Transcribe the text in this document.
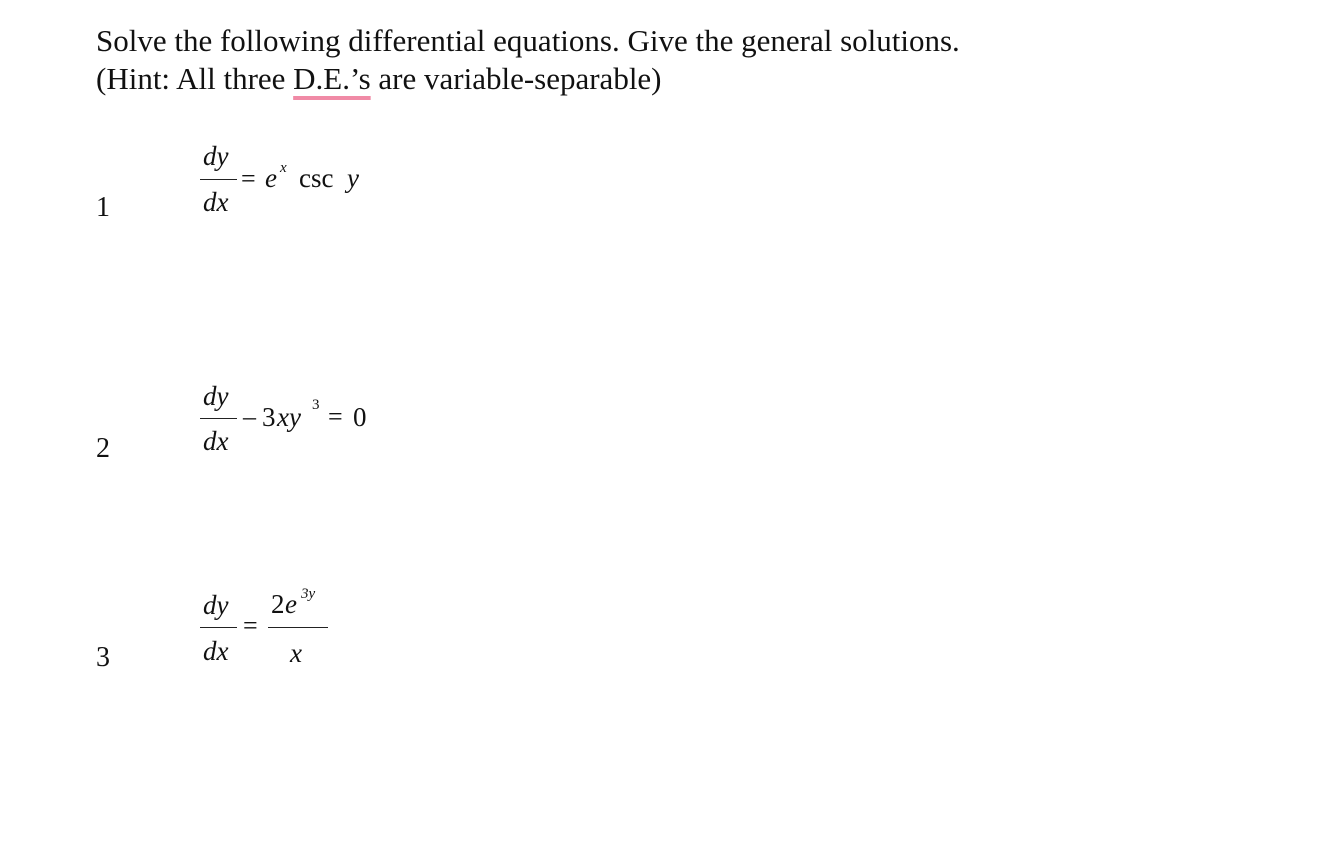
Solve the following differential equations. Give the general solutions.
(Hint: All three D.E.’s are variable-separable)
1
dy
dx
= e x csc y
2
dy
dx
– 3 xy 3 = 0
3
dy
dx
=
2 e 3y
x
